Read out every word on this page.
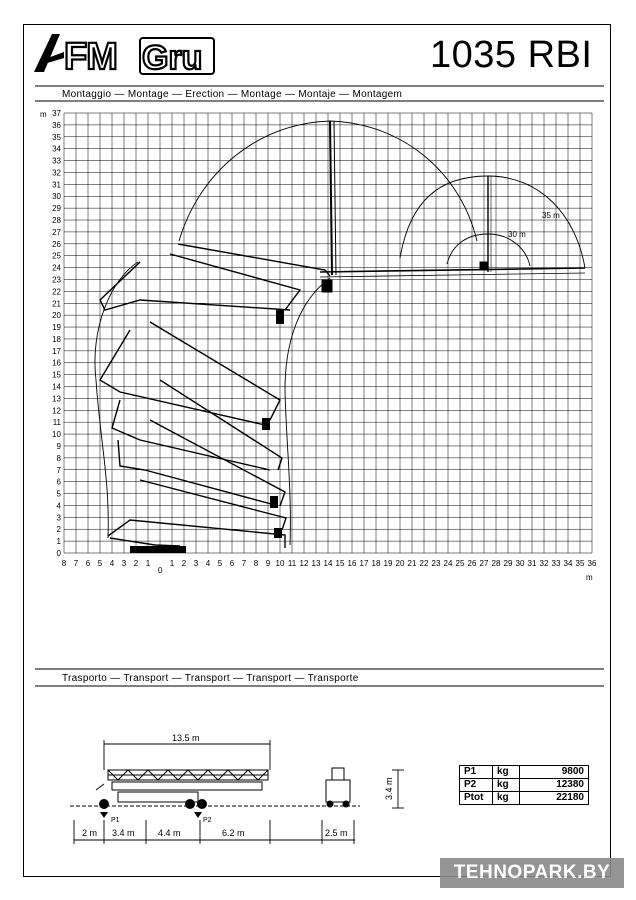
FM Gru	1035 RBI
Montaggio — Montage — Erection — Montage — Montaje — Montagem
Trasporto — Transport — Transport — Transport — Transporte
0
1
2
3
4
5
6
7
8
9
10
11
12
13
14
15
16
17
18
19
20
21
22
23
24
25
26
27
28
29
30
31
32
33
34
35
36
37
8 7 6 5 4 3 2 1 1 2 3 4 5 6 7 8 9 10 11 12 13 14 15 16 17 18 19 20 21 22 23 24 25 26 27 28 29 30 31 32 33 34 35 36
m
m
0
35 m
30 m
13.5 m
P1	P2
2 m 3.4 m	4.4 m	6.2 m	2.5 m
3.4 m
P1	kg	9800
P2	kg	12380
Ptot	kg	22180
TEHNOPARK.BY
